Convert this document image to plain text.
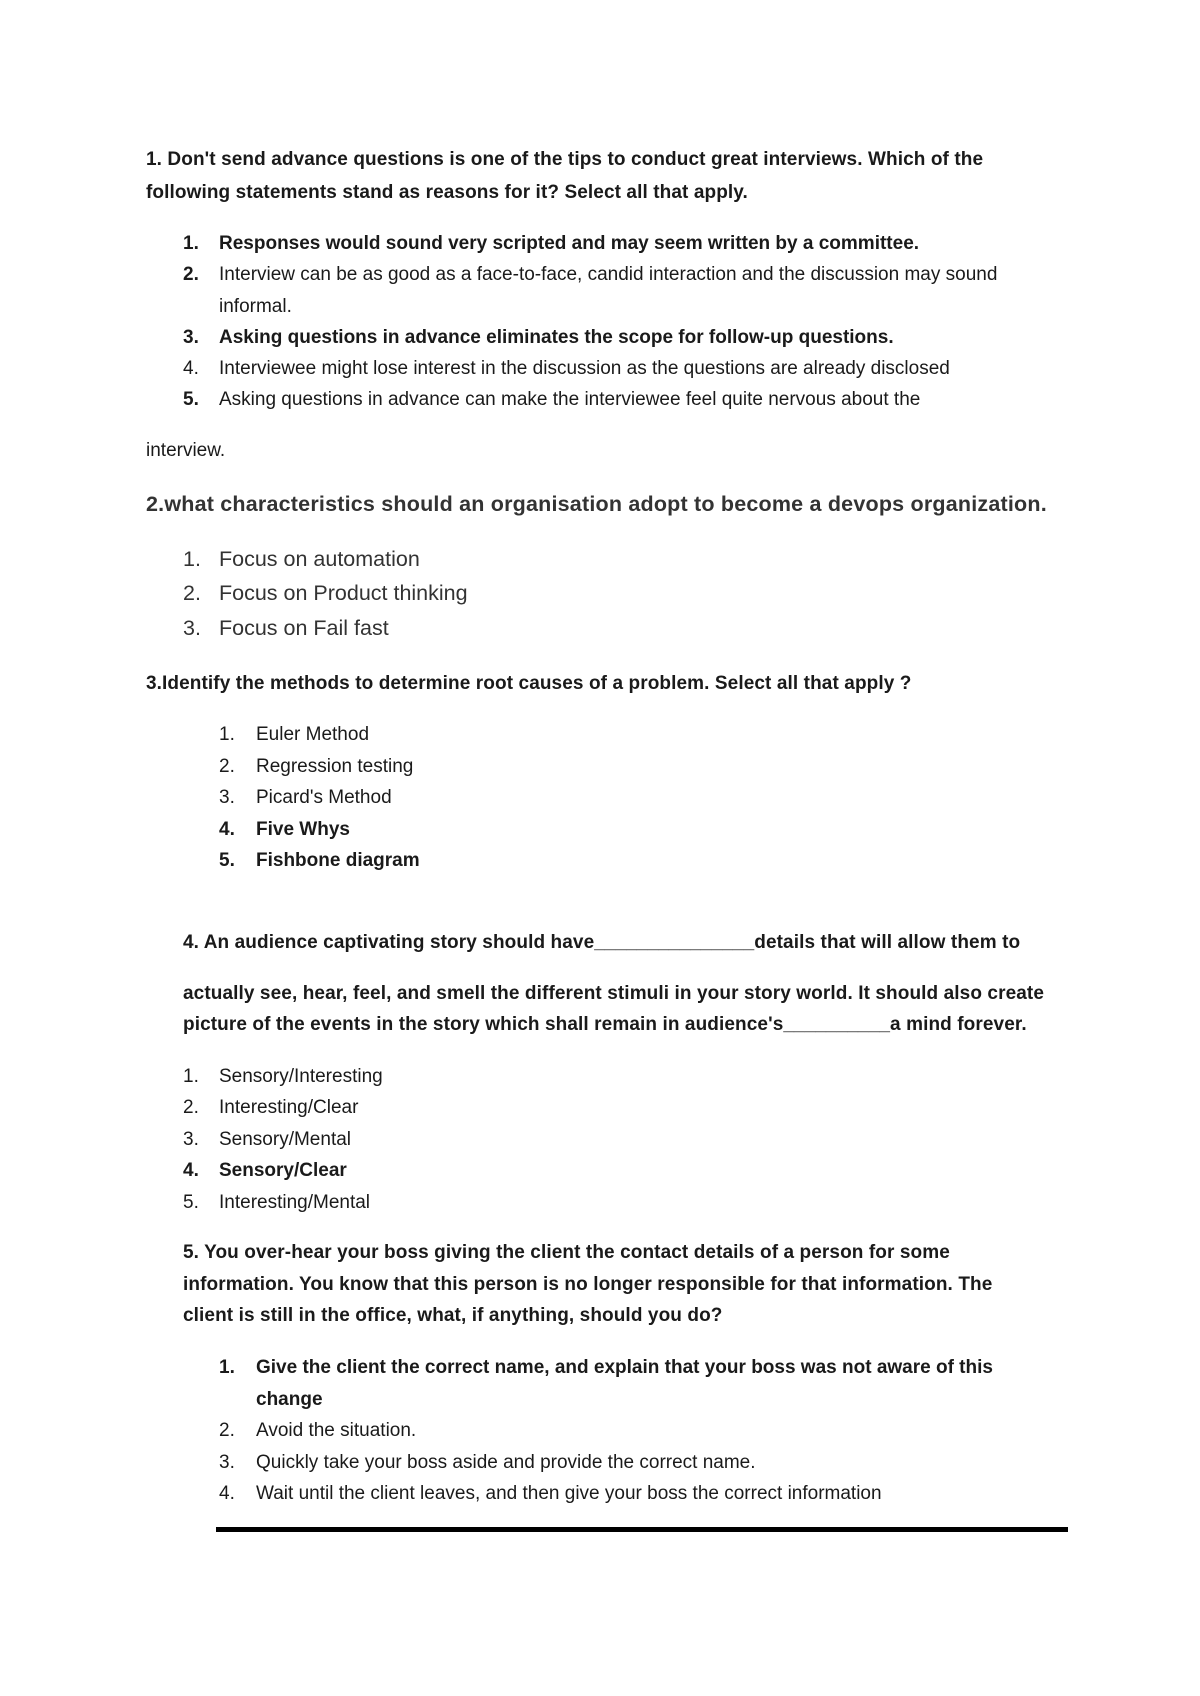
1. Don't send advance questions is one of the tips to conduct great interviews. Which of the
following statements stand as reasons for it? Select all that apply.
1. Responses would sound very scripted and may seem written by a committee.
2. Interview can be as good as a face-to-face, candid interaction and the discussion may sound
informal.
3. Asking questions in advance eliminates the scope for follow-up questions.
4. Interviewee might lose interest in the discussion as the questions are already disclosed
5. Asking questions in advance can make the interviewee feel quite nervous about the
interview.
2.what characteristics should an organisation adopt to become a devops organization.
1. Focus on automation
2. Focus on Product thinking
3. Focus on Fail fast
3.Identify the methods to determine root causes of a problem. Select all that apply ?
1. Euler Method
2. Regression testing
3. Picard's Method
4. Five Whys
5. Fishbone diagram
4. An audience captivating story should have_______________details that will allow them to
actually see, hear, feel, and smell the different stimuli in your story world. It should also create
picture of the events in the story which shall remain in audience's__________a mind forever.
1. Sensory/Interesting
2. Interesting/Clear
3. Sensory/Mental
4. Sensory/Clear
5. Interesting/Mental
5. You over-hear your boss giving the client the contact details of a person for some
information. You know that this person is no longer responsible for that information. The
client is still in the office, what, if anything, should you do?
1. Give the client the correct name, and explain that your boss was not aware of this
change
2. Avoid the situation.
3. Quickly take your boss aside and provide the correct name.
4. Wait until the client leaves, and then give your boss the correct information
